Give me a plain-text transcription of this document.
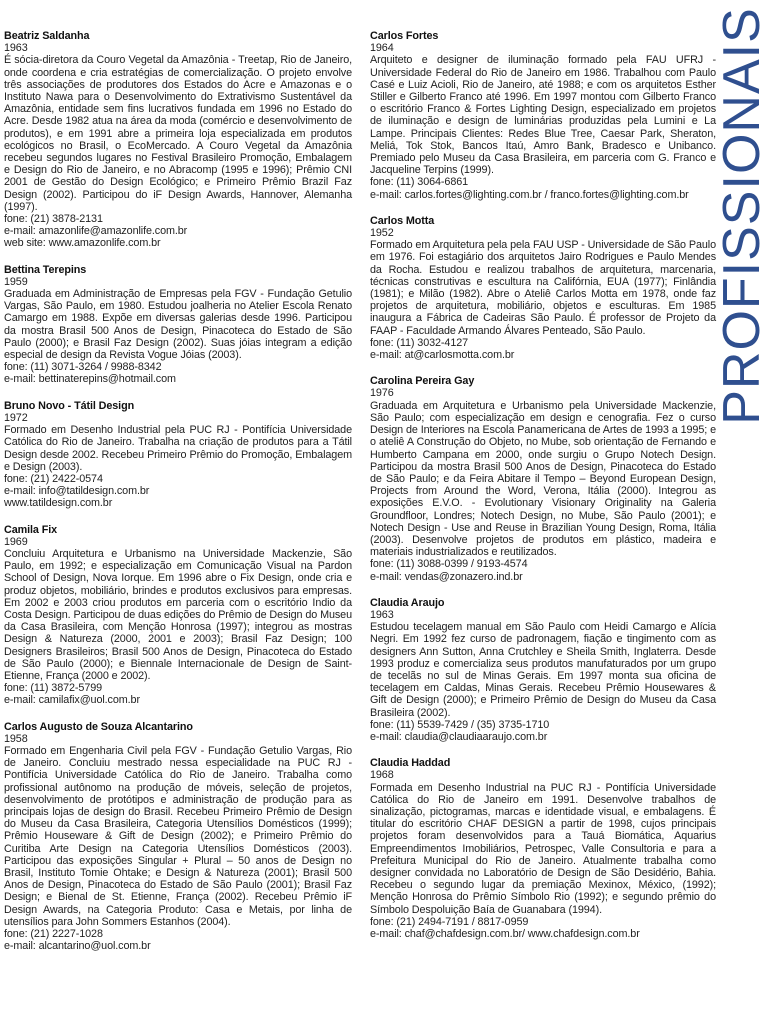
Beatriz Saldanha
1963

É sócia-diretora da Couro Vegetal da Amazônia - Treetap, Rio de Janeiro, onde coordena e cria estratégias de comercialização. O projeto envolve três associações de produtores dos Estados do Acre e Amazonas e o Instituto Nawa para o Desenvolvimento do Extrativismo Sustentável da Amazônia, entidade sem fins lucrativos fundada em 1996 no Estado do Acre. Desde 1982 atua na área da moda (comércio e desenvolvimento de produtos), e em 1991 abre a primeira loja especializada em produtos ecológicos no Brasil, o EcoMercado. A Couro Vegetal da Amazônia recebeu segundos lugares no Festival Brasileiro Promoção, Embalagem e Design do Rio de Janeiro, e no Abracomp (1995 e 1996); Prêmio CNI 2001 de Gestão do Design Ecológico; e Primeiro Prêmio Brazil Faz Design (2002). Participou do iF Design Awards, Hannover, Alemanha (1997).

fone: (21) 3878-2131
e-mail: amazonlife@amazonlife.com.br
web site: www.amazonlife.com.br
Bettina Terepins
1959

Graduada em Administração de Empresas pela FGV - Fundação Getulio Vargas, São Paulo, em 1980. Estudou joalheria no Atelier Escola Renato Camargo em 1988. Expõe em diversas galerias desde 1996. Participou da mostra Brasil 500 Anos de Design, Pinacoteca do Estado de São Paulo (2000); e Brasil Faz Design (2002). Suas jóias integram a edição especial de design da Revista Vogue Jóias (2003).

fone: (11) 3071-3264 / 9988-8342
e-mail: bettinaterepins@hotmail.com
Bruno Novo - Tátil Design
1972

Formado em Desenho Industrial pela PUC RJ - Pontifícia Universidade Católica do Rio de Janeiro. Trabalha na criação de produtos para a Tátil Design desde 2002. Recebeu Primeiro Prêmio do Promoção, Embalagem e Design (2003).

fone: (21) 2422-0574
e-mail: info@tatildesign.com.br
www.tatildesign.com.br
Camila Fix
1969

Concluiu Arquitetura e Urbanismo na Universidade Mackenzie, São Paulo, em 1992; e especialização em Comunicação Visual na Pardon School of Design, Nova Iorque. Em 1996 abre o Fix Design, onde cria e produz objetos, mobiliário, brindes e produtos exclusivos para empresas. Em 2002 e 2003 criou produtos em parceria com o escritório Indio da Costa Design. Participou de duas edições do Prêmio de Design do Museu da Casa Brasileira, com Menção Honrosa (1997); integrou as mostras Design & Natureza (2000, 2001 e 2003); Brasil Faz Design; 100 Designers Brasileiros; Brasil 500 Anos de Design, Pinacoteca do Estado de São Paulo (2000); e Biennale Internacionale de Design de Saint-Etienne, França (2000 e 2002).

fone: (11) 3872-5799
e-mail: camilafix@uol.com.br
Carlos Augusto de Souza Alcantarino
1958

Formado em Engenharia Civil pela FGV - Fundação Getulio Vargas, Rio de Janeiro. Concluiu mestrado nessa especialidade na PUC RJ - Pontifícia Universidade Católica do Rio de Janeiro. Trabalha como profissional autônomo na produção de móveis, seleção de projetos, desenvolvimento de protótipos e administração de produção para as principais lojas de design do Brasil. Recebeu Primeiro Prêmio de Design do Museu da Casa Brasileira, Categoria Utensílios Domésticos (1999); Prêmio Houseware & Gift de Design (2002); e Primeiro Prêmio do Curitiba Arte Design na Categoria Utensílios Domésticos (2003). Participou das exposições Singular + Plural – 50 anos de Design no Brasil, Instituto Tomie Ohtake; e Design & Natureza (2001); Brasil 500 Anos de Design, Pinacoteca do Estado de São Paulo (2001); Brasil Faz Design; e Bienal de St. Etienne, França (2002). Recebeu Prêmio iF Design Awards, na Categoria Produto: Casa e Metais, por linha de utensílios para John Sommers Estanhos (2004).

fone: (21) 2227-1028
e-mail: alcantarino@uol.com.br
Carlos Fortes
1964

Arquiteto e designer de iluminação formado pela FAU UFRJ - Universidade Federal do Rio de Janeiro em 1986. Trabalhou com Paulo Casé e Luiz Acioli, Rio de Janeiro, até 1988; e com os arquitetos Esther Stiller e Gilberto Franco até 1996. Em 1997 montou com Gilberto Franco o escritório Franco & Fortes Lighting Design, especializado em projetos de iluminação e design de luminárias produzidas pela Lumini e La Lampe. Principais Clientes: Redes Blue Tree, Caesar Park, Sheraton, Meliá, Tok Stok, Bancos Itaú, Amro Bank, Bradesco e Unibanco. Premiado pelo Museu da Casa Brasileira, em parceria com G. Franco e Jacqueline Terpins (1999).

fone: (11) 3064-6861
e-mail: carlos.fortes@lighting.com.br / franco.fortes@lighting.com.br
Carlos Motta
1952

Formado em Arquitetura pela pela FAU USP - Universidade de São Paulo em 1976. Foi estagiário dos arquitetos Jairo Rodrigues e Paulo Mendes da Rocha. Estudou e realizou trabalhos de arquitetura, marcenaria, técnicas construtivas e escultura na Califórnia, EUA (1977); Finlândia (1981); e Milão (1982). Abre o Ateliê Carlos Motta em 1978, onde faz projetos de arquitetura, mobiliário, objetos e esculturas. Em 1985 inaugura a Fábrica de Cadeiras São Paulo. É professor de Projeto da FAAP - Faculdade Armando Álvares Penteado, São Paulo.

fone: (11) 3032-4127
e-mail: at@carlosmotta.com.br
Carolina Pereira Gay
1976

Graduada em Arquitetura e Urbanismo pela Universidade Mackenzie, São Paulo; com especialização em design e cenografia. Fez o curso Design de Interiores na Escola Panamericana de Artes de 1993 a 1995; e o ateliê A Construção do Objeto, no Mube, sob orientação de Fernando e Humberto Campana em 2000, onde surgiu o Grupo Notech Design. Participou da mostra Brasil 500 Anos de Design, Pinacoteca do Estado de São Paulo; e da Feira Abitare il Tempo – Beyond European Design, Projects from Around the Word, Verona, Itália (2000). Integrou as exposições E.V.O. - Evolutionary Visionary Originality na Galeria Groundfloor, Londres; Notech Design, no Mube, São Paulo (2001); e Notech Design - Use and Reuse in Brazilian Young Design, Roma, Itália (2003). Desenvolve projetos de produtos em plástico, madeira e materiais industrializados e reutilizados.

fone: (11) 3088-0399 / 9193-4574
e-mail: vendas@zonazero.ind.br
Claudia Araujo
1963

Estudou tecelagem manual em São Paulo com Heidi Camargo e Alícia Negri. Em 1992 fez curso de padronagem, fiação e tingimento com as designers Ann Sutton, Anna Crutchley e Sheila Smith, Inglaterra. Desde 1993 produz e comercializa seus produtos manufaturados por um grupo de tecelãs no sul de Minas Gerais. Em 1997 monta sua oficina de tecelagem em Caldas, Minas Gerais. Recebeu Prêmio Housewares & Gift de Design (2000); e Primeiro Prêmio de Design do Museu da Casa Brasileira (2002).

fone: (11) 5539-7429 / (35) 3735-1710
e-mail: claudia@claudiaaraujo.com.br
Claudia Haddad
1968

Formada em Desenho Industrial na PUC RJ - Pontifícia Universidade Católica do Rio de Janeiro em 1991. Desenvolve trabalhos de sinalização, pictogramas, marcas e identidade visual, e embalagens. É titular do escritório CHAF DESIGN a partir de 1998, cujos principais projetos foram desenvolvidos para a Tauá Biomática, Aquarius Empreendimentos Imobiliários, Petrospec, Valle Consultoria e para a Prefeitura Municipal do Rio de Janeiro. Atualmente trabalha como designer convidada no Laboratório de Design de São Desidério, Bahia. Recebeu o segundo lugar da premiação Mexinox, México, (1992); Menção Honrosa do Prêmio Símbolo Rio (1992); e segundo prêmio do Símbolo Despoluição Baía de Guanabara (1994).

fone: (21) 2494-7191 / 8817-0959
e-mail: chaf@chafdesign.com.br/ www.chafdesign.com.br
PROFISSIONAIS
